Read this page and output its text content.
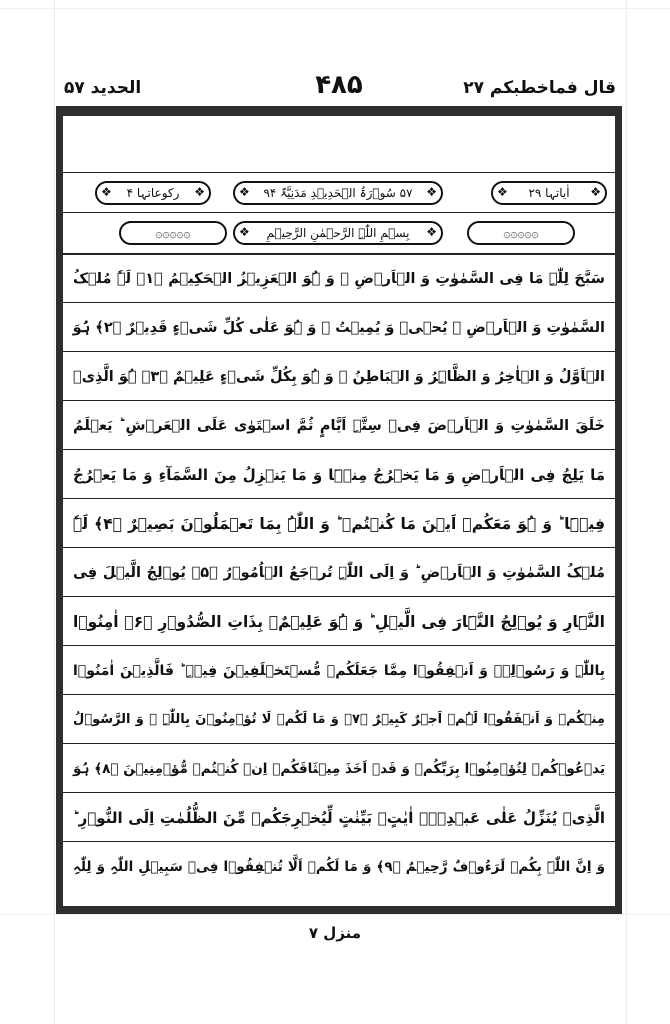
قال فماخطبکم ۲۷
۴۸۵
الحدید ۵۷
❖ اٰیاتہا ۲۹
❖
❖ ۵۷ سُوۡرَۃُ الۡحَدِیۡدِ مَدَنِیَّۃٌ ۹۴
❖
❖ رکوعاتہا ۴
❖
۞۞۞۞۞
❖ بِسۡمِ اللّٰہِ الرَّحۡمٰنِ الرَّحِیۡمِ
❖
۞۞۞۞۞
سَبَّحَ لِلّٰہِ مَا فِی السَّمٰوٰتِ وَ الۡاَرۡضِ ۚ وَ ہُوَ الۡعَزِیۡزُ الۡحَکِیۡمُ ﴿۱﴾ لَہٗ مُلۡکُ
السَّمٰوٰتِ وَ الۡاَرۡضِ ۚ یُحۡیٖ وَ یُمِیۡتُ ۚ وَ ہُوَ عَلٰی کُلِّ شَیۡءٍ قَدِیۡرٌ ﴿۲﴾ ہُوَ
الۡاَوَّلُ وَ الۡاٰخِرُ وَ الظَّاہِرُ وَ الۡبَاطِنُ ۚ وَ ہُوَ بِکُلِّ شَیۡءٍ عَلِیۡمٌ ﴿۳﴾ ہُوَ الَّذِیۡ
خَلَقَ السَّمٰوٰتِ وَ الۡاَرۡضَ فِیۡ سِتَّۃِ اَیَّامٍ ثُمَّ اسۡتَوٰی عَلَی الۡعَرۡشِ ؕ یَعۡلَمُ
مَا یَلِجُ فِی الۡاَرۡضِ وَ مَا یَخۡرُجُ مِنۡہَا وَ مَا یَنۡزِلُ مِنَ السَّمَآءِ وَ مَا یَعۡرُجُ
فِیۡہَا ؕ وَ ہُوَ مَعَکُمۡ اَیۡنَ مَا کُنۡتُمۡ ؕ وَ اللّٰہُ بِمَا تَعۡمَلُوۡنَ بَصِیۡرٌ ﴿۴﴾ لَہٗ
مُلۡکُ السَّمٰوٰتِ وَ الۡاَرۡضِ ؕ وَ اِلَی اللّٰہِ تُرۡجَعُ الۡاُمُوۡرُ ﴿۵﴾ یُوۡلِجُ الَّیۡلَ فِی
النَّہَارِ وَ یُوۡلِجُ النَّہَارَ فِی الَّیۡلِ ؕ وَ ہُوَ عَلِیۡمٌۢ بِذَاتِ الصُّدُوۡرِ ﴿۶﴾ اٰمِنُوۡا
بِاللّٰہِ وَ رَسُوۡلِہٖ وَ اَنۡفِقُوۡا مِمَّا جَعَلَکُمۡ مُّسۡتَخۡلَفِیۡنَ فِیۡہِ ؕ فَالَّذِیۡنَ اٰمَنُوۡا
مِنۡکُمۡ وَ اَنۡفَقُوۡا لَہُمۡ اَجۡرٌ کَبِیۡرٌ ﴿۷﴾ وَ مَا لَکُمۡ لَا تُؤۡمِنُوۡنَ بِاللّٰہِ ۚ وَ الرَّسُوۡلُ
یَدۡعُوۡکُمۡ لِتُؤۡمِنُوۡا بِرَبِّکُمۡ وَ قَدۡ اَخَذَ مِیۡثَاقَکُمۡ اِنۡ کُنۡتُمۡ مُّؤۡمِنِیۡنَ ﴿۸﴾ ہُوَ
الَّذِیۡ یُنَزِّلُ عَلٰی عَبۡدِہٖۤ اٰیٰتٍۭ بَیِّنٰتٍ لِّیُخۡرِجَکُمۡ مِّنَ الظُّلُمٰتِ اِلَی النُّوۡرِ ؕ
وَ اِنَّ اللّٰہَ بِکُمۡ لَرَءُوۡفٌ رَّحِیۡمٌ ﴿۹﴾ وَ مَا لَکُمۡ اَلَّا تُنۡفِقُوۡا فِیۡ سَبِیۡلِ اللّٰہِ وَ لِلّٰہِ
منزل ۷
